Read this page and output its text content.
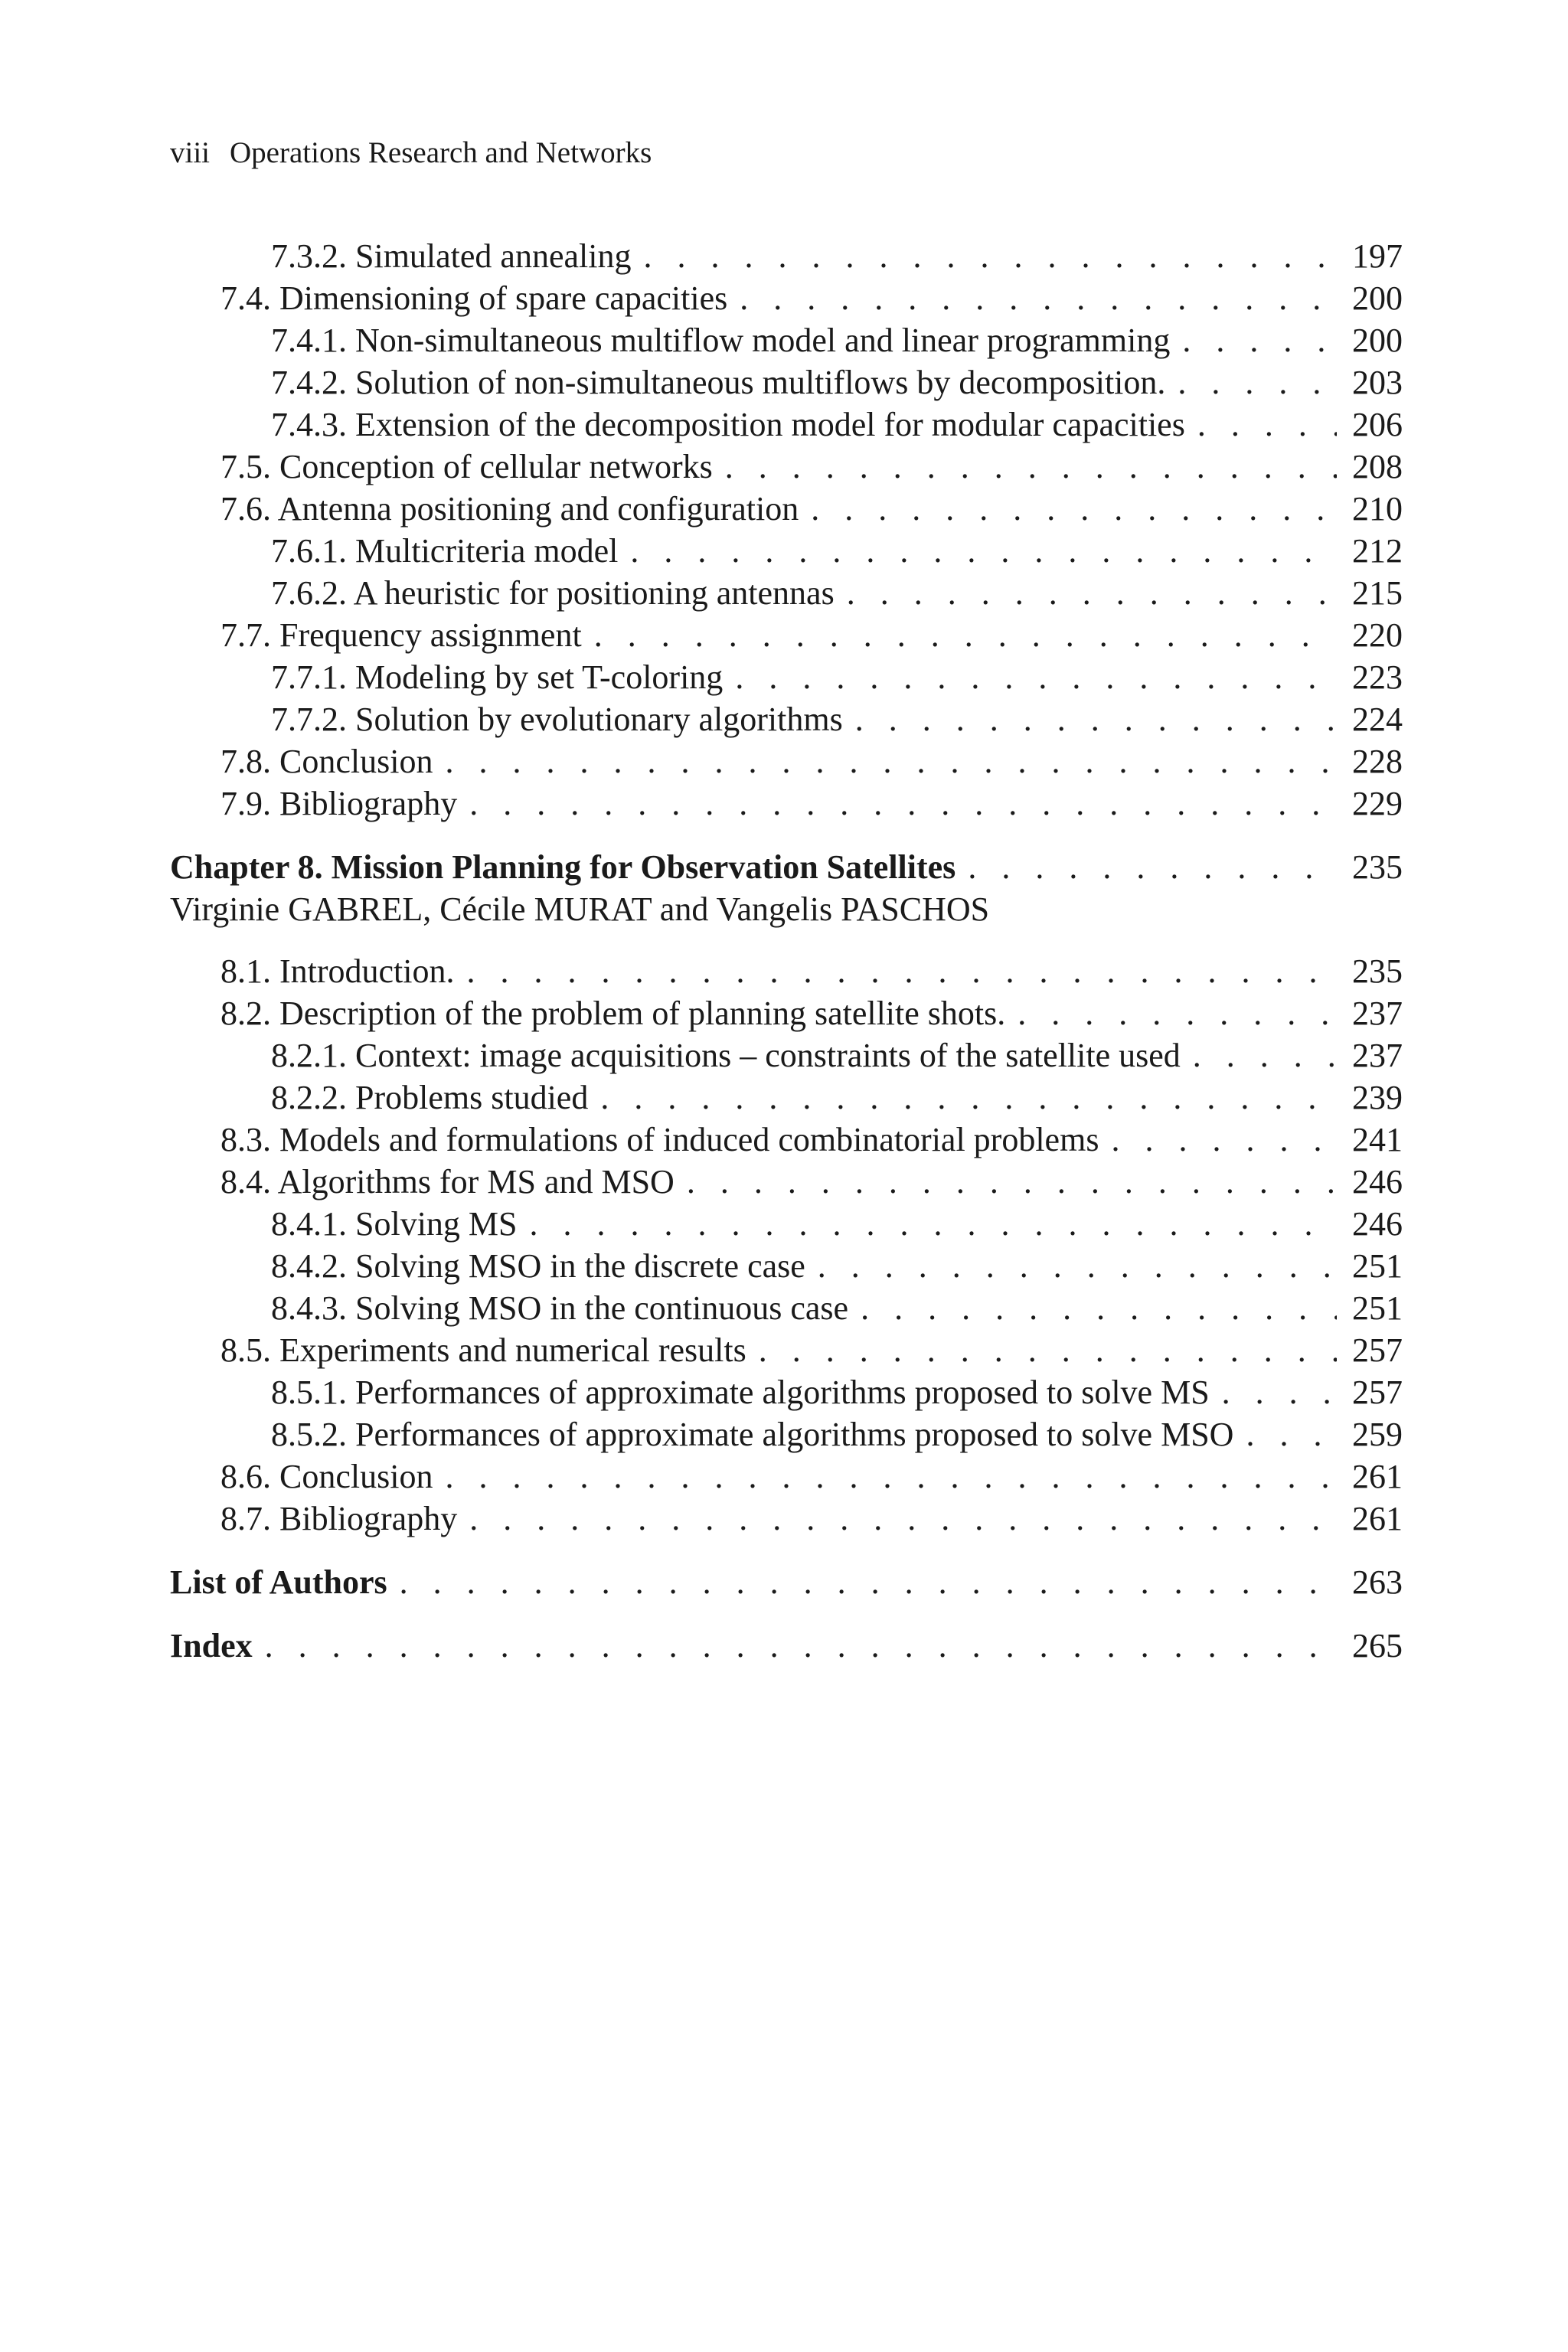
viii Operations Research and Networks
7.3.2. Simulated annealing . . .	197
7.4. Dimensioning of spare capacities . . .	200
7.4.1. Non-simultaneous multiflow model and linear programming . . .	200
7.4.2. Solution of non-simultaneous multiflows by decomposition. . . .	203
7.4.3. Extension of the decomposition model for modular capacities . . .	206
7.5. Conception of cellular networks . . .	208
7.6. Antenna positioning and configuration . . .	210
7.6.1. Multicriteria model . . .	212
7.6.2. A heuristic for positioning antennas . . .	215
7.7. Frequency assignment . . .	220
7.7.1. Modeling by set T-coloring . . .	223
7.7.2. Solution by evolutionary algorithms . . .	224
7.8. Conclusion . . .	228
7.9. Bibliography . . .	229
Chapter 8. Mission Planning for Observation Satellites . . .	235
Virginie GABREL, Cécile MURAT and Vangelis PASCHOS
8.1. Introduction. . . .	235
8.2. Description of the problem of planning satellite shots. . . .	237
8.2.1. Context: image acquisitions – constraints of the satellite used . . .	237
8.2.2. Problems studied . . .	239
8.3. Models and formulations of induced combinatorial problems . . .	241
8.4. Algorithms for MS and MSO . . .	246
8.4.1. Solving MS . . .	246
8.4.2. Solving MSO in the discrete case . . .	251
8.4.3. Solving MSO in the continuous case . . .	251
8.5. Experiments and numerical results . . .	257
8.5.1. Performances of approximate algorithms proposed to solve MS . . .	257
8.5.2. Performances of approximate algorithms proposed to solve MSO . . .	259
8.6. Conclusion . . .	261
8.7. Bibliography . . .	261
List of Authors . . .	263
Index . . .	265
